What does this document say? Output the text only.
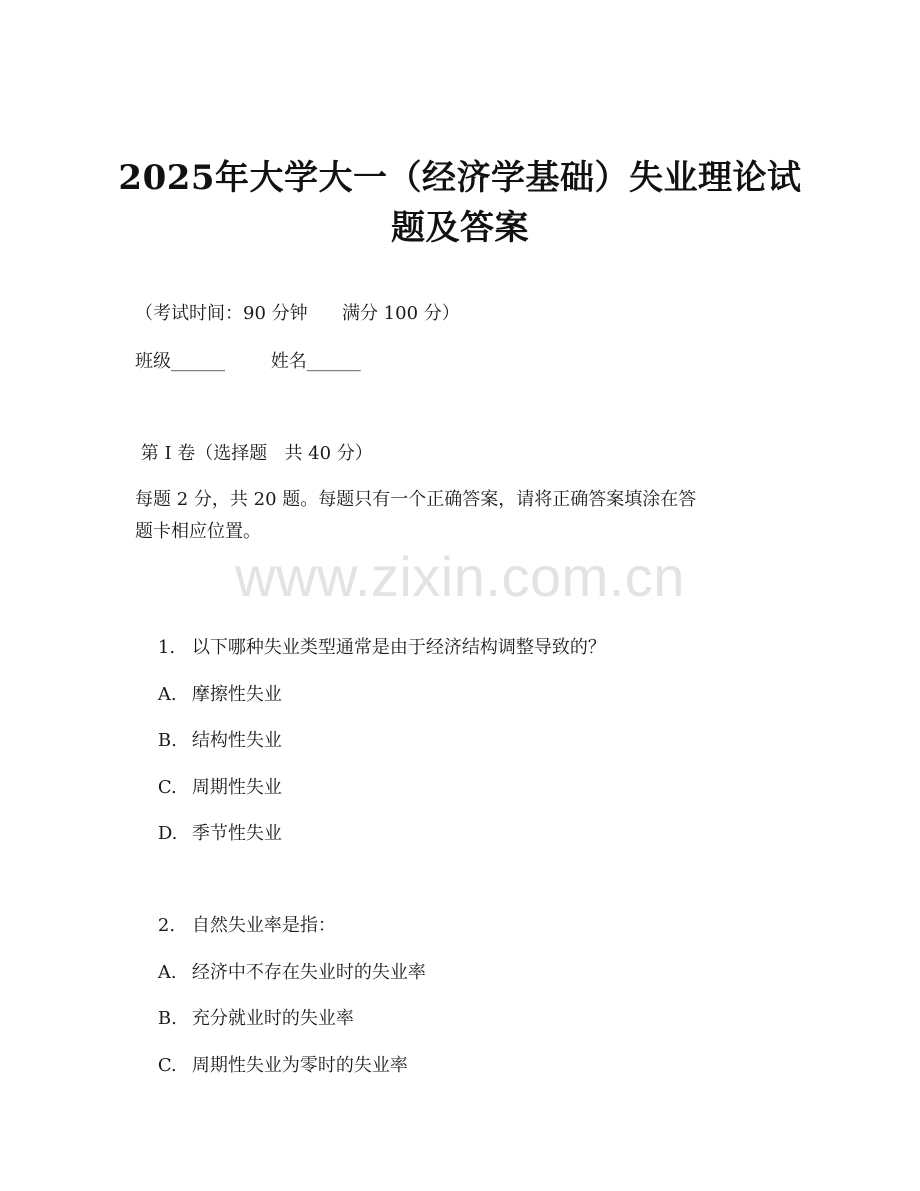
2025年大学大一（经济学基础）失业理论试
题及答案
（考试时间：90 分钟      满分 100 分）
班级______        姓名______
第 I 卷（选择题   共 40 分）
每题 2 分，共 20 题。每题只有一个正确答案，请将正确答案填涂在答
题卡相应位置。
www.zixin.com.cn

1. 以下哪种失业类型通常是由于经济结构调整导致的？

A. 摩擦性失业

B. 结构性失业

C. 周期性失业

D. 季节性失业

2. 自然失业率是指：

A. 经济中不存在失业时的失业率

B. 充分就业时的失业率

C. 周期性失业为零时的失业率
